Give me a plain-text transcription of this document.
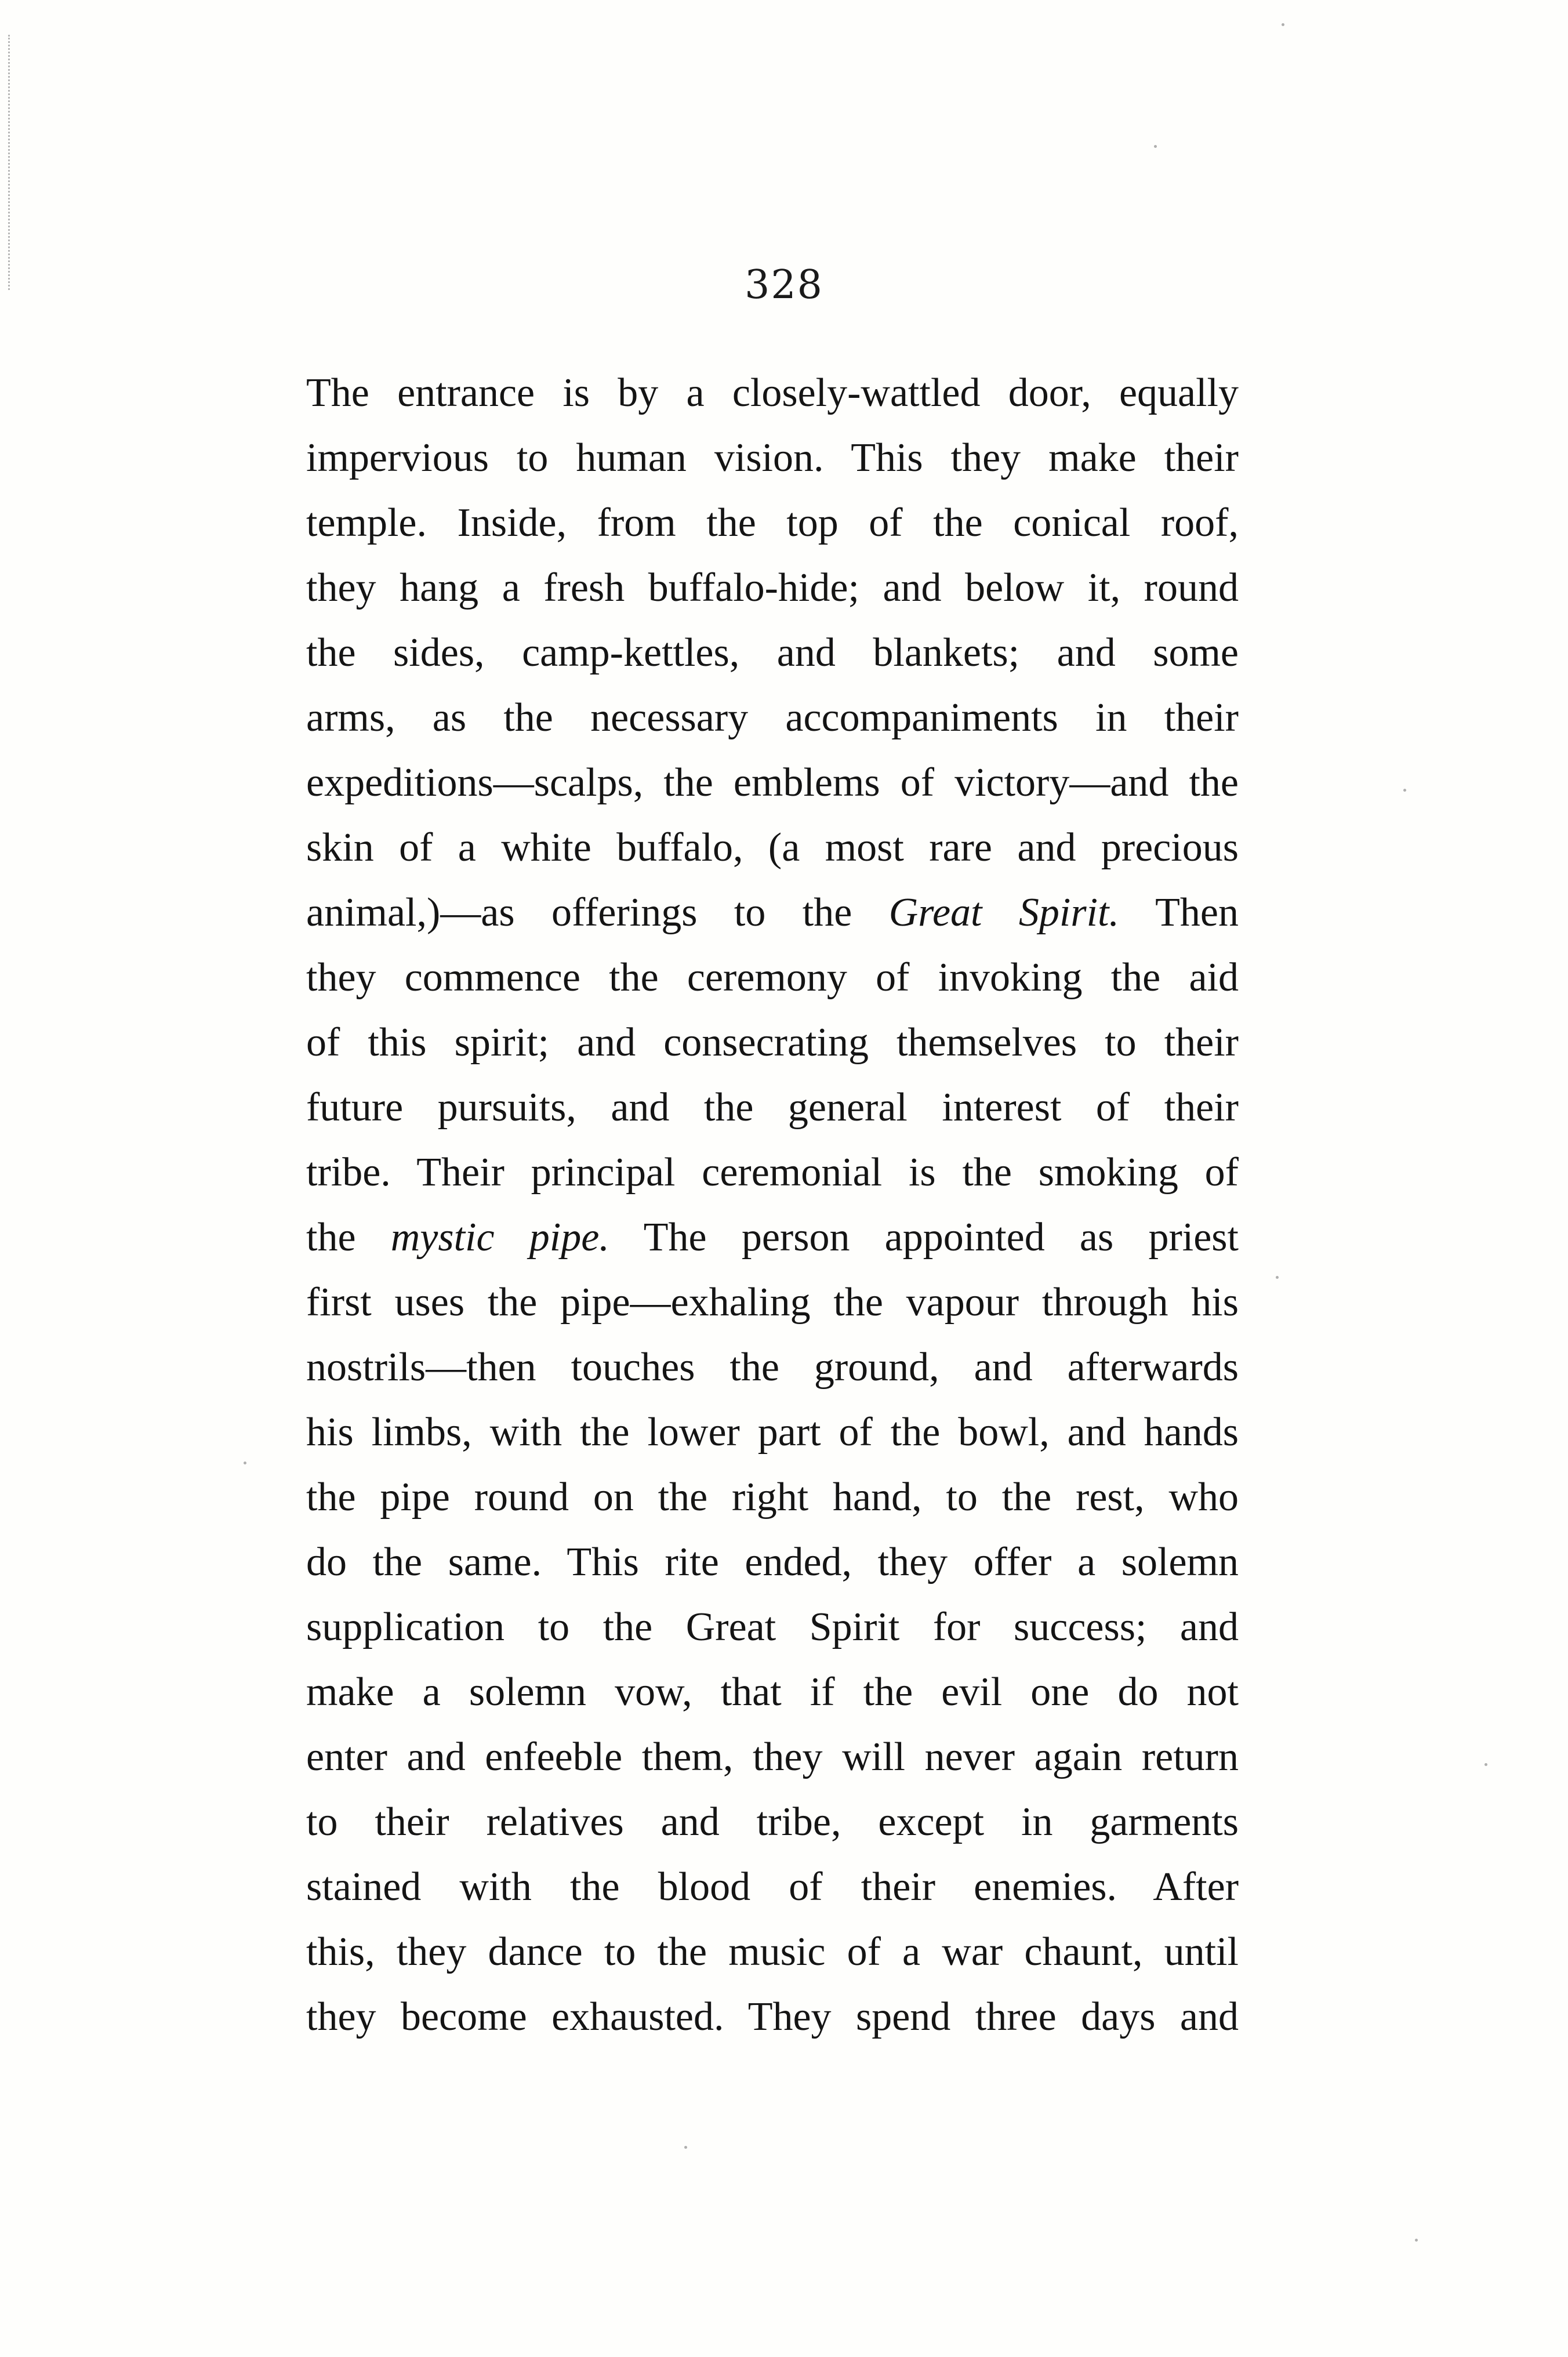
328
The entrance is by a closely-wattled door, equally
impervious to human vision. This they make their
temple. Inside, from the top of the conical roof,
they hang a fresh buffalo-hide; and below it, round
the sides, camp-kettles, and blankets; and some
arms, as the necessary accompaniments in their
expeditions—scalps, the emblems of victory—and the
skin of a white buffalo, (a most rare and precious
animal,)—as offerings to the Great Spirit. Then
they commence the ceremony of invoking the aid
of this spirit; and consecrating themselves to their
future pursuits, and the general interest of their
tribe. Their principal ceremonial is the smoking of
the mystic pipe. The person appointed as priest
first uses the pipe—exhaling the vapour through his
nostrils—then touches the ground, and afterwards
his limbs, with the lower part of the bowl, and hands
the pipe round on the right hand, to the rest, who
do the same. This rite ended, they offer a solemn
supplication to the Great Spirit for success; and
make a solemn vow, that if the evil one do not
enter and enfeeble them, they will never again return
to their relatives and tribe, except in garments
stained with the blood of their enemies. After
this, they dance to the music of a war chaunt, until
they become exhausted. They spend three days and
